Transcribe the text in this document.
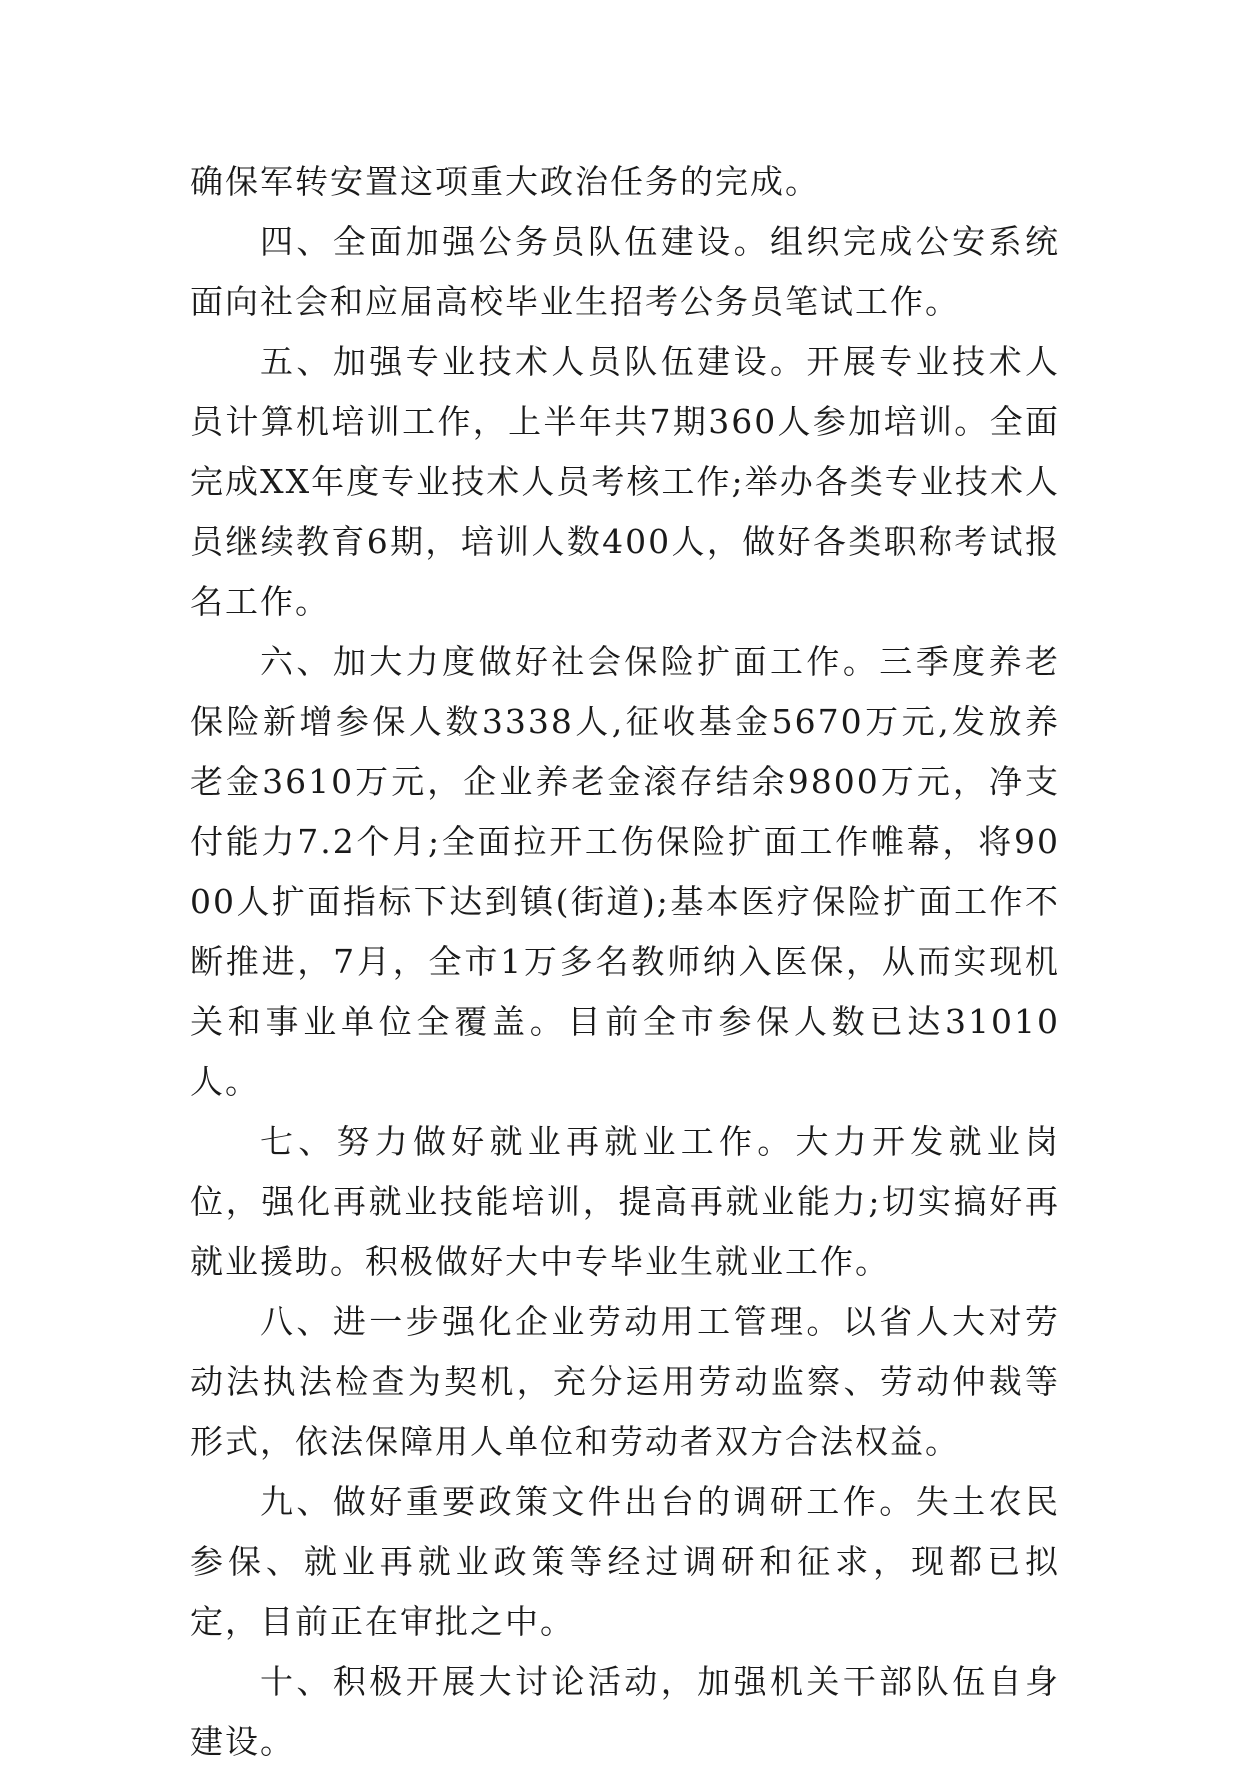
确保军转安置这项重大政治任务的完成。

四、全面加强公务员队伍建设。组织完成公安系统面向社会和应届高校毕业生招考公务员笔试工作。

五、加强专业技术人员队伍建设。开展专业技术人员计算机培训工作，上半年共7期360人参加培训。全面完成XX年度专业技术人员考核工作;举办各类专业技术人员继续教育6期，培训人数400人，做好各类职称考试报名工作。

六、加大力度做好社会保险扩面工作。三季度养老保险新增参保人数3338人,征收基金5670万元,发放养老金3610万元，企业养老金滚存结余9800万元，净支付能力7.2个月;全面拉开工伤保险扩面工作帷幕，将9000人扩面指标下达到镇(街道);基本医疗保险扩面工作不断推进，7月，全市1万多名教师纳入医保，从而实现机关和事业单位全覆盖。目前全市参保人数已达31010人。

七、努力做好就业再就业工作。大力开发就业岗位，强化再就业技能培训，提高再就业能力;切实搞好再就业援助。积极做好大中专毕业生就业工作。

八、进一步强化企业劳动用工管理。以省人大对劳动法执法检查为契机，充分运用劳动监察、劳动仲裁等形式，依法保障用人单位和劳动者双方合法权益。

九、做好重要政策文件出台的调研工作。失土农民参保、就业再就业政策等经过调研和征求，现都已拟定，目前正在审批之中。

十、积极开展大讨论活动，加强机关干部队伍自身建设。
